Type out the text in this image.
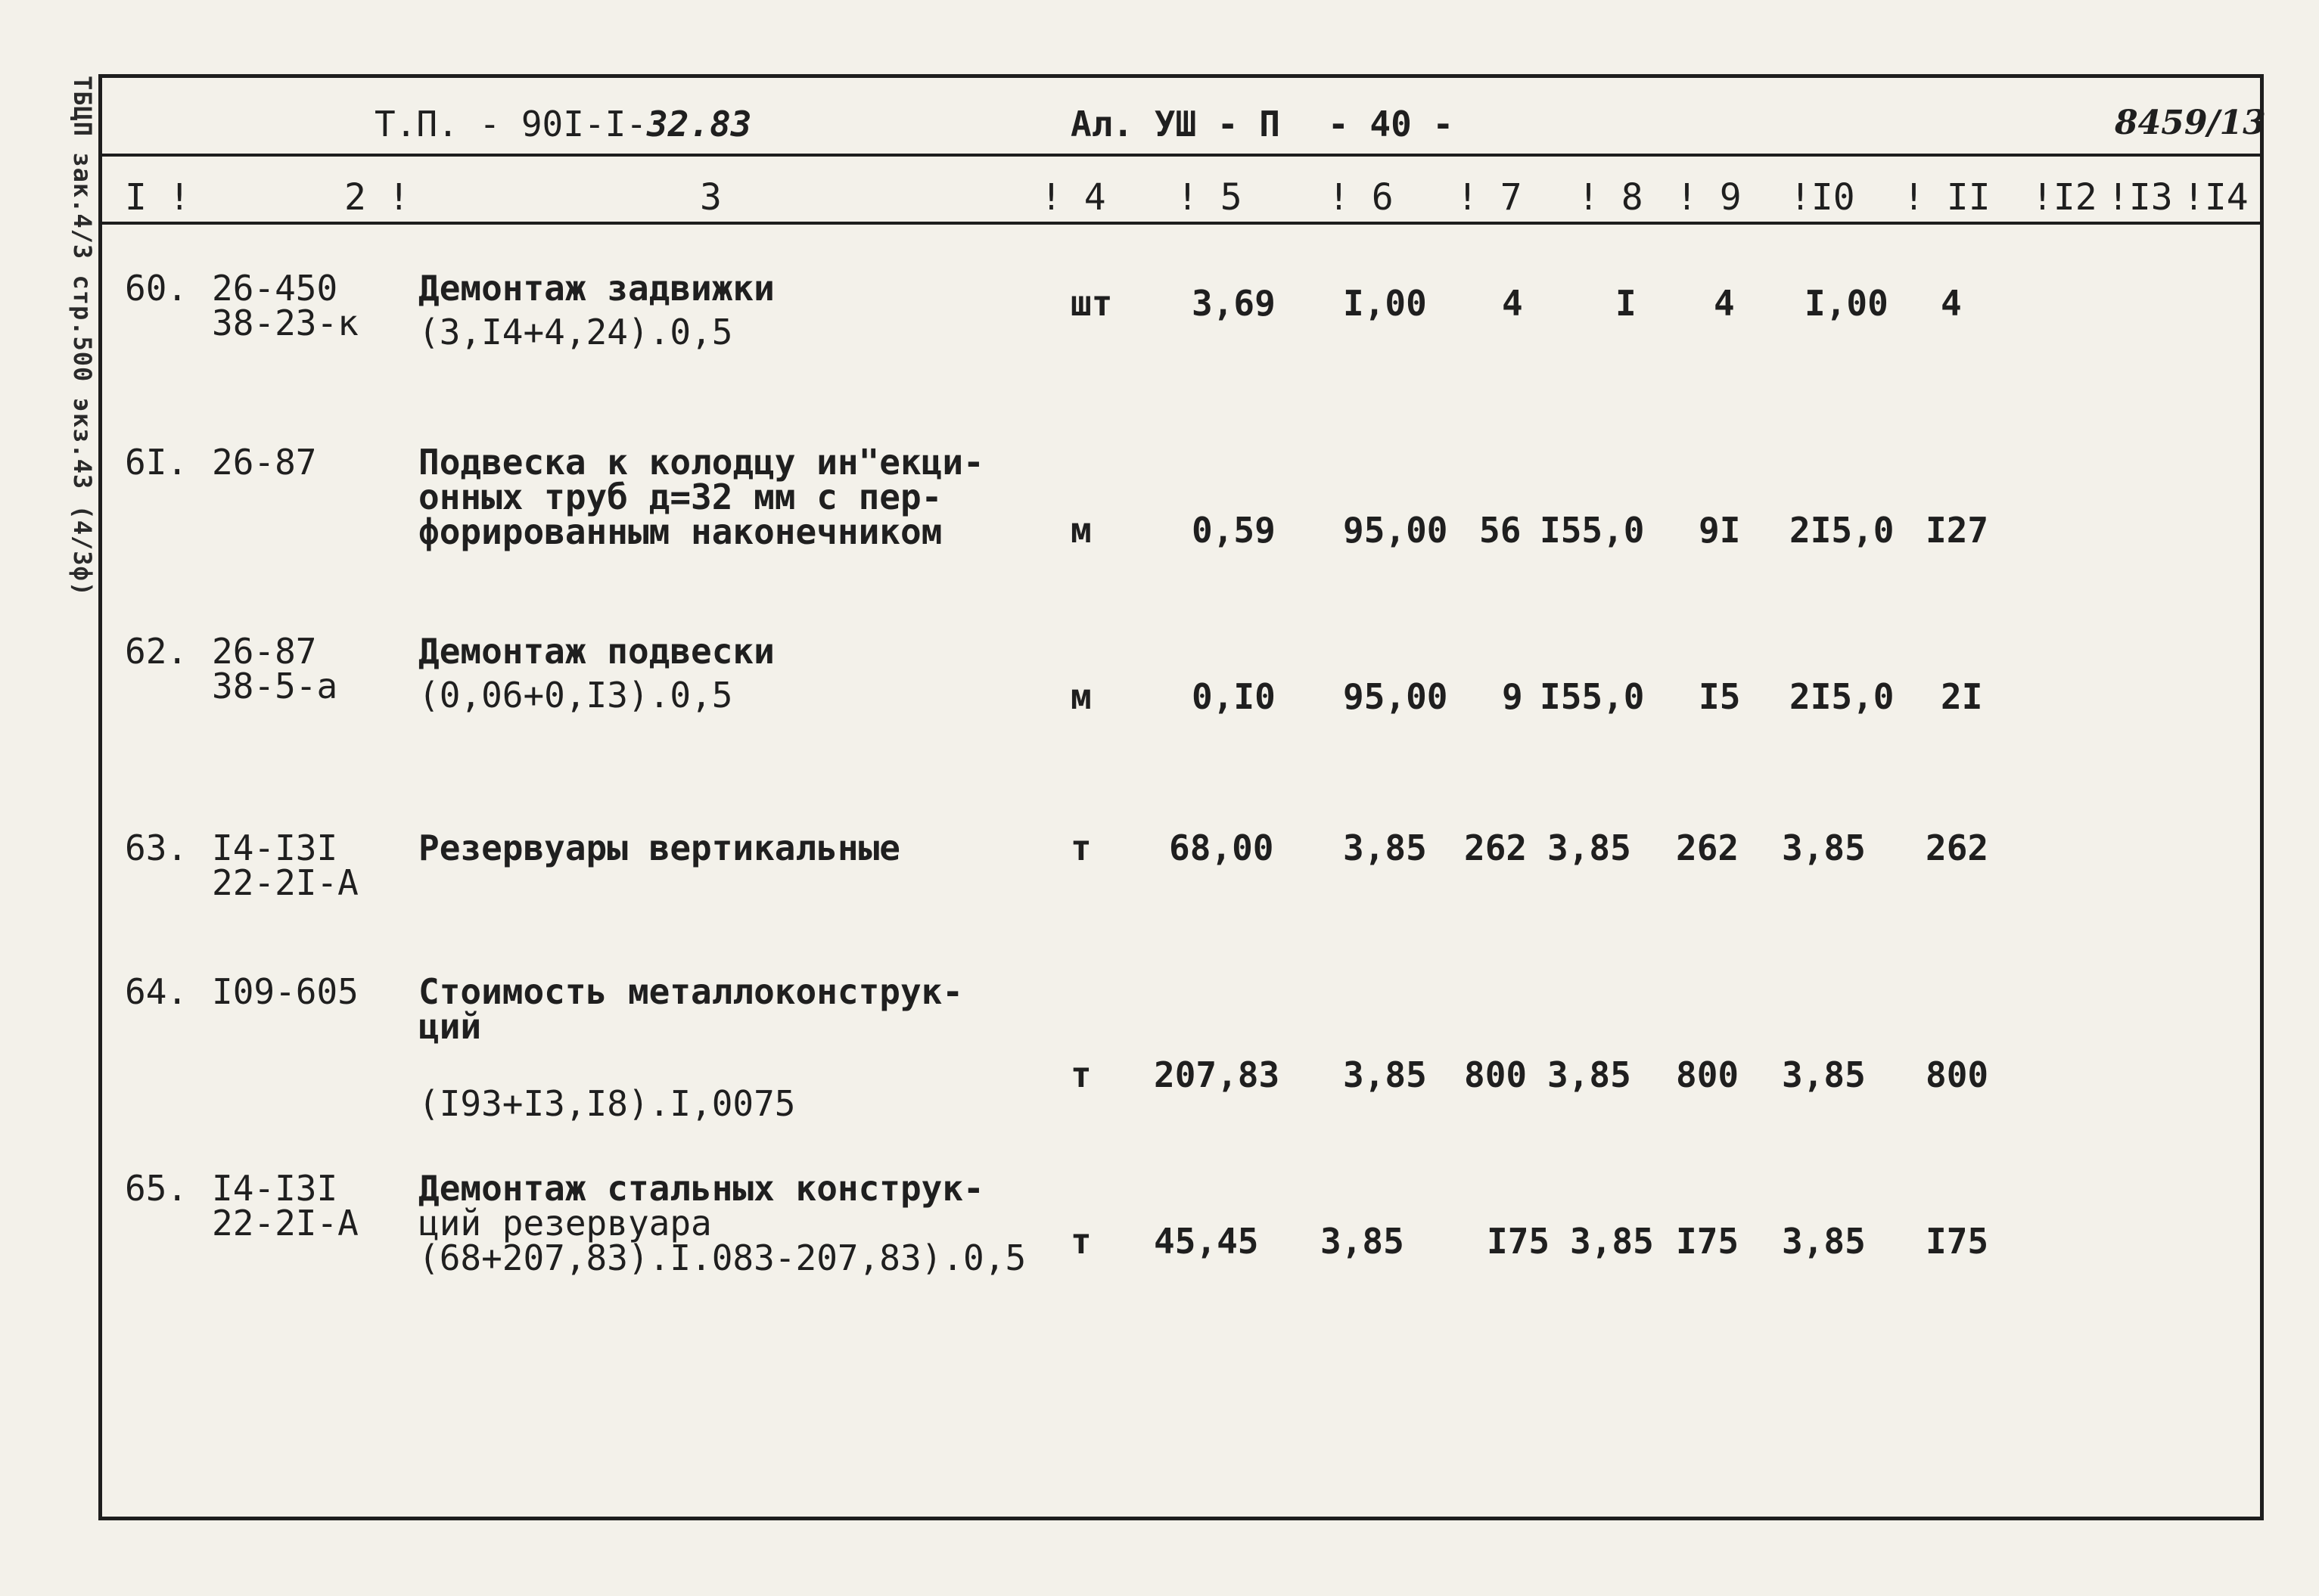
ТБЦП зак.4/3 стр.500 экз.43 (4/3ф)	Т.П. - 90I-I-32.83	Ал. УШ - П - 40 -	8459/13
I !	2 !	3	! 4 ! 5 ! 6 ! 7 ! 8 ! 9 !I0 ! II !I2 !I3 !I4
60. 26-450
38-23-к
Демонтаж задвижки
(3,I4+4,24).0,5
шт 3,69 I,00 4	I 4 I,00 4
6I. 26-87	Подвеска к колодцу ин"екци-
онных труб д=32 мм с пер-
форированным наконечником	м	0,59 95,00 56 I55,0 9I 2I5,0 I27
62. 26-87
38-5-а
Демонтаж подвески
(0,06+0,I3).0,5	м	0,I0 95,00 9 I55,0 I5 2I5,0 2I
63. I4-I3I
22-2I-А
Резервуары вертикальные	т 68,00 3,85 262 3,85 262 3,85 262
64. I09-605 Стоимость металлоконструк-
ций
(I93+I3,I8).I,0075
т 207,83 3,85 800 3,85 800 3,85 800
65. I4-I3I
22-2I-А
Демонтаж стальных конструк-
ций резервуара
(68+207,83).I.083-207,83).0,5	т 45,45 3,85 I75 3,85 I75 3,85 I75
